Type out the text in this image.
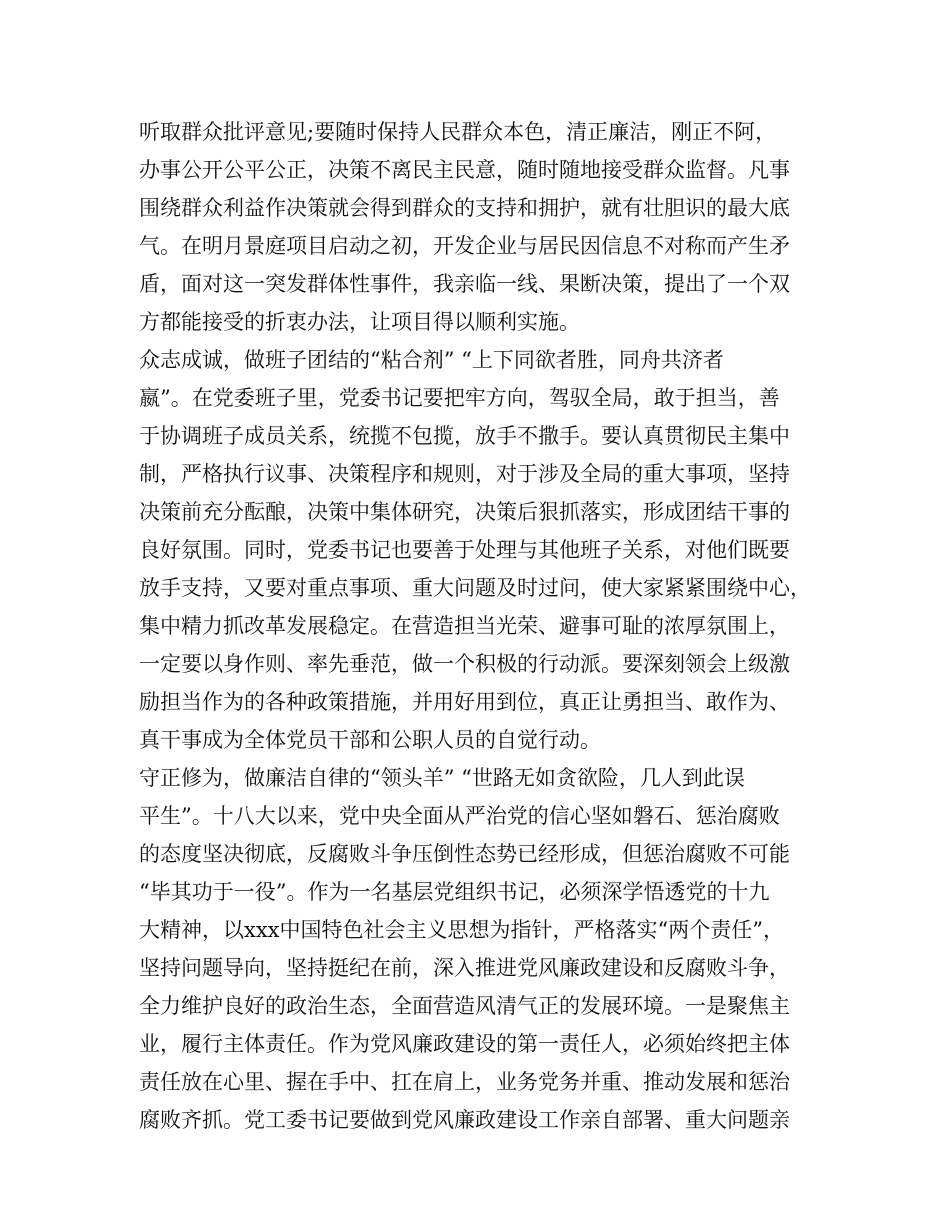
听取群众批评意见;要随时保持人民群众本色，清正廉洁，刚正不阿，
办事公开公平公正，决策不离民主民意，随时随地接受群众监督。凡事
围绕群众利益作决策就会得到群众的支持和拥护，就有壮胆识的最大底
气。在明月景庭项目启动之初，开发企业与居民因信息不对称而产生矛
盾，面对这一突发群体性事件，我亲临一线、果断决策，提出了一个双
方都能接受的折衷办法，让项目得以顺利实施。
众志成诚，做班子团结的“粘合剂” “上下同欲者胜，同舟共济者
嬴”。在党委班子里，党委书记要把牢方向，驾驭全局，敢于担当，善
于协调班子成员关系，统揽不包揽，放手不撒手。要认真贯彻民主集中
制，严格执行议事、决策程序和规则，对于涉及全局的重大事项，坚持
决策前充分酝酿，决策中集体研究，决策后狠抓落实，形成团结干事的
良好氛围。同时，党委书记也要善于处理与其他班子关系，对他们既要
放手支持，又要对重点事项、重大问题及时过问，使大家紧紧围绕中心，
集中精力抓改革发展稳定。在营造担当光荣、避事可耻的浓厚氛围上，
一定要以身作则、率先垂范，做一个积极的行动派。要深刻领会上级激
励担当作为的各种政策措施，并用好用到位，真正让勇担当、敢作为、
真干事成为全体党员干部和公职人员的自觉行动。
守正修为，做廉洁自律的“领头羊” “世路无如贪欲险，几人到此误
平生”。十八大以来，党中央全面从严治党的信心坚如磐石、惩治腐败
的态度坚决彻底，反腐败斗争压倒性态势已经形成，但惩治腐败不可能
“毕其功于一役”。作为一名基层党组织书记，必须深学悟透党的十九
大精神，以xxx中国特色社会主义思想为指针，严格落实“两个责任”，
坚持问题导向，坚持挺纪在前，深入推进党风廉政建设和反腐败斗争，
全力维护良好的政治生态，全面营造风清气正的发展环境。一是聚焦主
业，履行主体责任。作为党风廉政建设的第一责任人，必须始终把主体
责任放在心里、握在手中、扛在肩上，业务党务并重、推动发展和惩治
腐败齐抓。党工委书记要做到党风廉政建设工作亲自部署、重大问题亲
